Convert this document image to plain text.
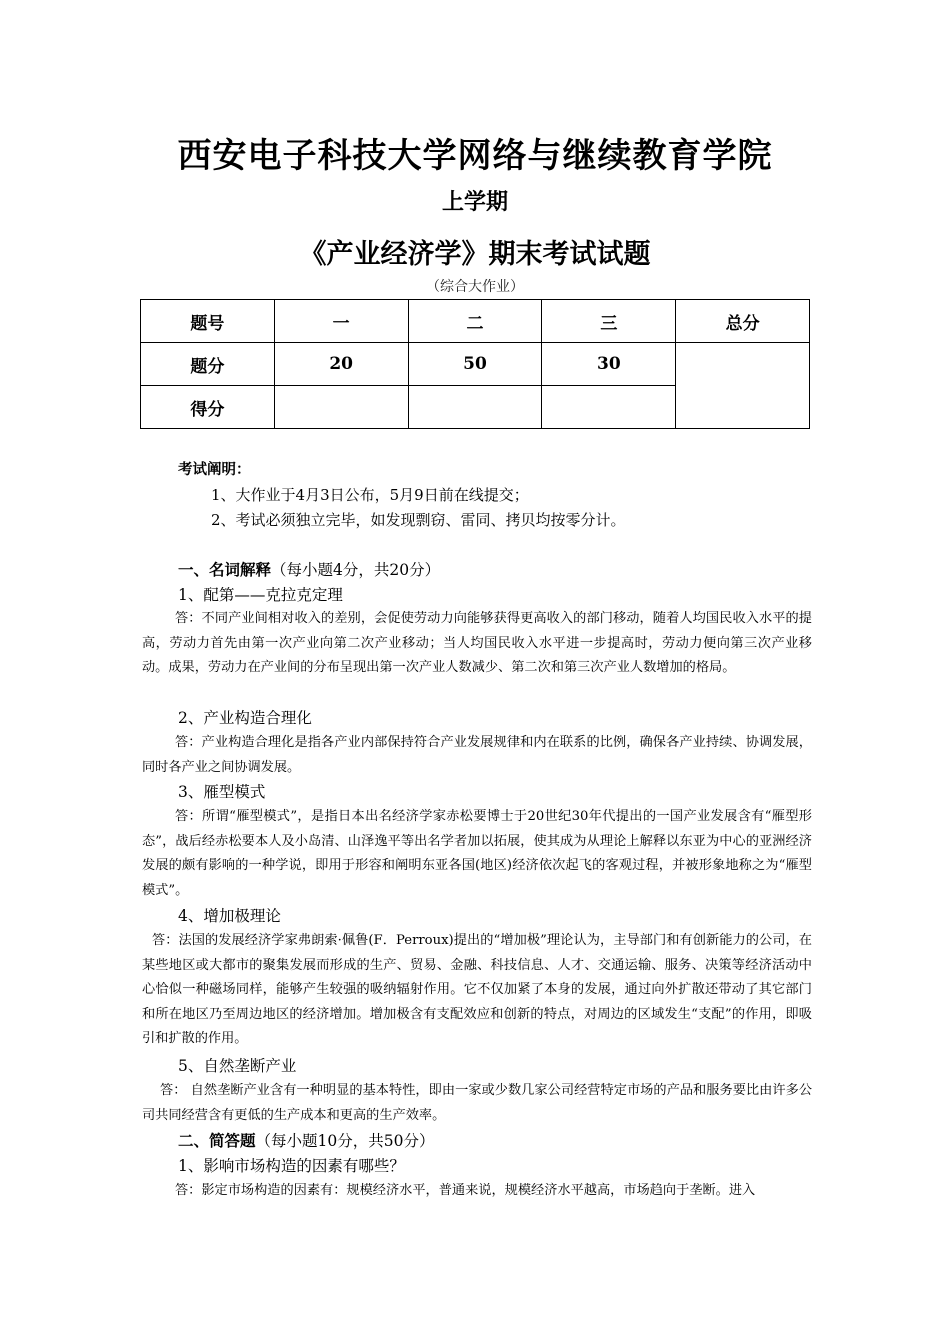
西安电子科技大学网络与继续教育学院
上学期
《产业经济学》期末考试试题
（综合大作业）
题号	一	二	三	总分
题分	20	50	30	
得分				
考试阐明：
1、大作业于4月3日公布，5月9日前在线提交；
2、考试必须独立完毕，如发现剽窃、雷同、拷贝均按零分计。
一、名词解释（每小题4分，共20分）
1、配第——克拉克定理
答：不同产业间相对收入的差别，会促使劳动力向能够获得更高收入的部门移动，随着人均国民收入水平的提高，劳动力首先由第一次产业向第二次产业移动；当人均国民收入水平进一步提高时，劳动力便向第三次产业移动。成果，劳动力在产业间的分布呈现出第一次产业人数减少、第二次和第三次产业人数增加的格局。
2、产业构造合理化
答：产业构造合理化是指各产业内部保持符合产业发展规律和内在联系的比例，确保各产业持续、协调发展，同时各产业之间协调发展。
3、雁型模式
答：所谓“雁型模式”，是指日本出名经济学家赤松要博士于20世纪30年代提出的一国产业发展含有“雁型形态”，战后经赤松要本人及小岛清、山泽逸平等出名学者加以拓展，使其成为从理论上解释以东亚为中心的亚洲经济发展的颇有影响的一种学说，即用于形容和阐明东亚各国(地区)经济依次起飞的客观过程，并被形象地称之为“雁型模式”。
4、增加极理论
答：法国的发展经济学家弗朗索·佩鲁(F．Perroux)提出的“增加极”理论认为，主导部门和有创新能力的公司，在某些地区或大都市的聚集发展而形成的生产、贸易、金融、科技信息、人才、交通运输、服务、决策等经济活动中心恰似一种磁场同样，能够产生较强的吸纳辐射作用。它不仅加紧了本身的发展，通过向外扩散还带动了其它部门和所在地区乃至周边地区的经济增加。增加极含有支配效应和创新的特点，对周边的区域发生“支配”的作用，即吸引和扩散的作用。
5、自然垄断产业
答： 自然垄断产业含有一种明显的基本特性，即由一家或少数几家公司经营特定市场的产品和服务要比由许多公司共同经营含有更低的生产成本和更高的生产效率。
二、简答题（每小题10分，共50分）
1、影响市场构造的因素有哪些？
答：影定市场构造的因素有：规模经济水平，普通来说，规模经济水平越高，市场趋向于垄断。进入
